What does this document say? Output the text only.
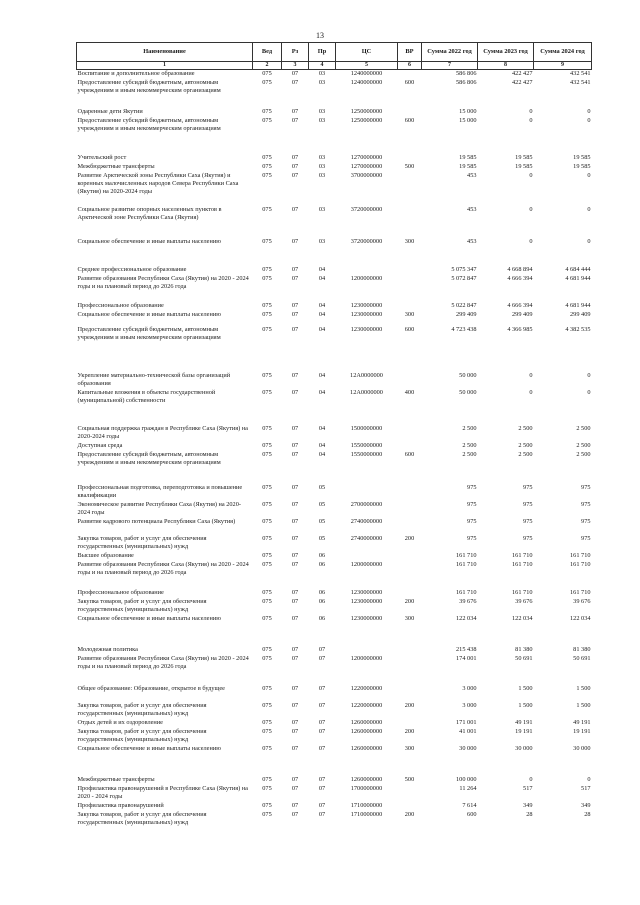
13
Наименование	Вед	Рз	Пр	ЦС	ВР	Сумма 2022 год	Сумма 2023 год	Сумма 2024 год
1	2	3	4	5	6	7	8	9
Воспитание и дополнительное образование	075	07	03	1240000000		586 806	422 427	432 541
Предоставление субсидий бюджетным, автономным учреждениям и иным некоммерческим организациям	075	07	03	1240000000	600	586 806	422 427	432 541

Одаренные дети Якутии	075	07	03	1250000000		15 000	0	0
Предоставление субсидий бюджетным, автономным учреждениям и иным некоммерческим организациям	075	07	03	1250000000	600	15 000	0	0

Учительский рост	075	07	03	1270000000		19 585	19 585	19 585
Межбюджетные трансферты	075	07	03	1270000000	500	19 585	19 585	19 585
Развитие Арктической зоны Республики Саха (Якутия) и коренных малочисленных народов Севера Республики Саха (Якутия) на 2020-2024 годы	075	07	03	3700000000		453	0	0

Социальное развитие опорных населенных пунктов в Арктической зоне Республики Саха (Якутия)	075	07	03	3720000000		453	0	0

Социальное обеспечение и иные выплаты населению	075	07	03	3720000000	300	453	0	0

Среднее профессиональное образование	075	07	04			5 075 347	4 668 894	4 684 444
Развитие образования Республики Саха (Якутия) на 2020 - 2024 годы и на плановый период до 2026 года	075	07	04	1200000000		5 072 847	4 666 394	4 681 944

Профессиональное образование	075	07	04	1230000000		5 022 847	4 666 394	4 681 944
Социальное обеспечение и иные выплаты населению	075	07	04	1230000000	300	299 409	299 409	299 409

Предоставление субсидий бюджетным, автономным учреждениям и иным некоммерческим организациям	075	07	04	1230000000	600	4 723 438	4 366 985	4 382 535

Укрепление материально-технической базы организаций образования	075	07	04	12А0000000		50 000	0	0
Капитальные вложения в объекты государственной (муниципальной) собственности	075	07	04	12А0000000	400	50 000	0	0

Социальная поддержка граждан в Республике Саха (Якутия) на 2020-2024 годы	075	07	04	1500000000		2 500	2 500	2 500
Доступная среда	075	07	04	1550000000		2 500	2 500	2 500
Предоставление субсидий бюджетным, автономным учреждениям и иным некоммерческим организациям	075	07	04	1550000000	600	2 500	2 500	2 500

Профессиональная подготовка, переподготовка и повышение квалификации	075	07	05			975	975	975
Экономическое развитие Республики Саха (Якутия) на 2020-2024 годы	075	07	05	2700000000		975	975	975
Развитие кадрового потенциала Республики Саха (Якутия)	075	07	05	2740000000		975	975	975
Закупка товаров, работ и услуг для обеспечения государственных (муниципальных) нужд	075	07	05	2740000000	200	975	975	975
Высшее образование	075	07	06			161 710	161 710	161 710
Развитие образования Республики Саха (Якутия) на 2020 - 2024 годы и на плановый период до 2026 года	075	07	06	1200000000		161 710	161 710	161 710

Профессиональное образование	075	07	06	1230000000		161 710	161 710	161 710
Закупка товаров, работ и услуг для обеспечения государственных (муниципальных) нужд	075	07	06	1230000000	200	39 676	39 676	39 676
Социальное обеспечение и иные выплаты населению	075	07	06	1230000000	300	122 034	122 034	122 034

Молодежная политика	075	07	07			215 438	81 380	81 380
Развитие образования Республики Саха (Якутия) на 2020 - 2024 годы и на плановый период до 2026 года	075	07	07	1200000000		174 001	50 691	50 691

Общее образование: Образование, открытое в будущее	075	07	07	1220000000		3 000	1 500	1 500
Закупка товаров, работ и услуг для обеспечения государственных (муниципальных) нужд	075	07	07	1220000000	200	3 000	1 500	1 500
Отдых детей и их оздоровление	075	07	07	1260000000		171 001	49 191	49 191
Закупка товаров, работ и услуг для обеспечения государственных (муниципальных) нужд	075	07	07	1260000000	200	41 001	19 191	19 191
Социальное обеспечение и иные выплаты населению	075	07	07	1260000000	300	30 000	30 000	30 000

Межбюджетные трансферты	075	07	07	1260000000	500	100 000	0	0
Профилактика правонарушений в Республике Саха (Якутия) на 2020 - 2024 годы	075	07	07	1700000000		11 264	517	517
Профилактика правонарушений	075	07	07	1710000000		7 614	349	349
Закупка товаров, работ и услуг для обеспечения государственных (муниципальных) нужд	075	07	07	1710000000	200	600	28	28
